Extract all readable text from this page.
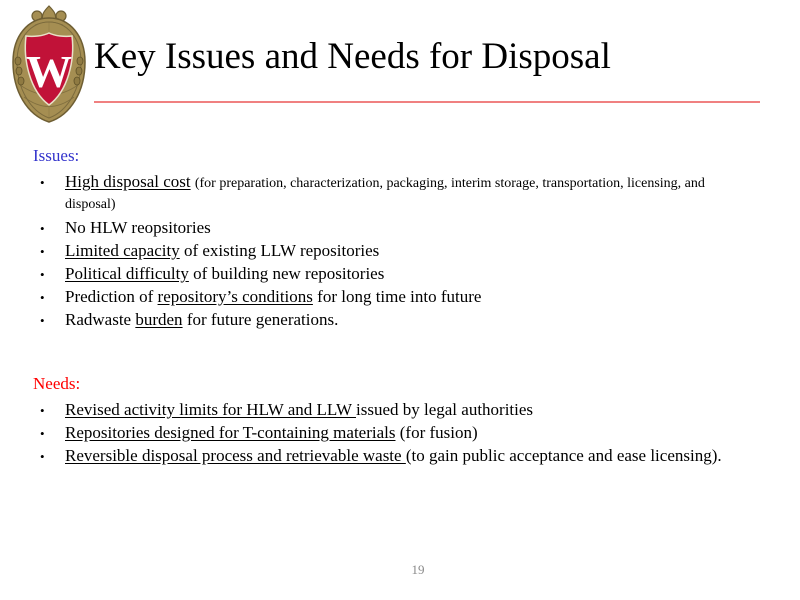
W Key Issues and Needs for Disposal

Issues:

• High disposal cost (for preparation, characterization, packaging, interim storage, transportation, licensing, and disposal)
• No HLW reopsitories
• Limited capacity of existing LLW repositories
• Political difficulty of building new repositories
• Prediction of repository’s conditions for long time into future
• Radwaste burden for future generations.

Needs:

• Revised activity limits for HLW and LLW issued by legal authorities
• Repositories designed for T-containing materials (for fusion)
• Reversible disposal process and retrievable waste (to gain public acceptance and ease licensing).
19
